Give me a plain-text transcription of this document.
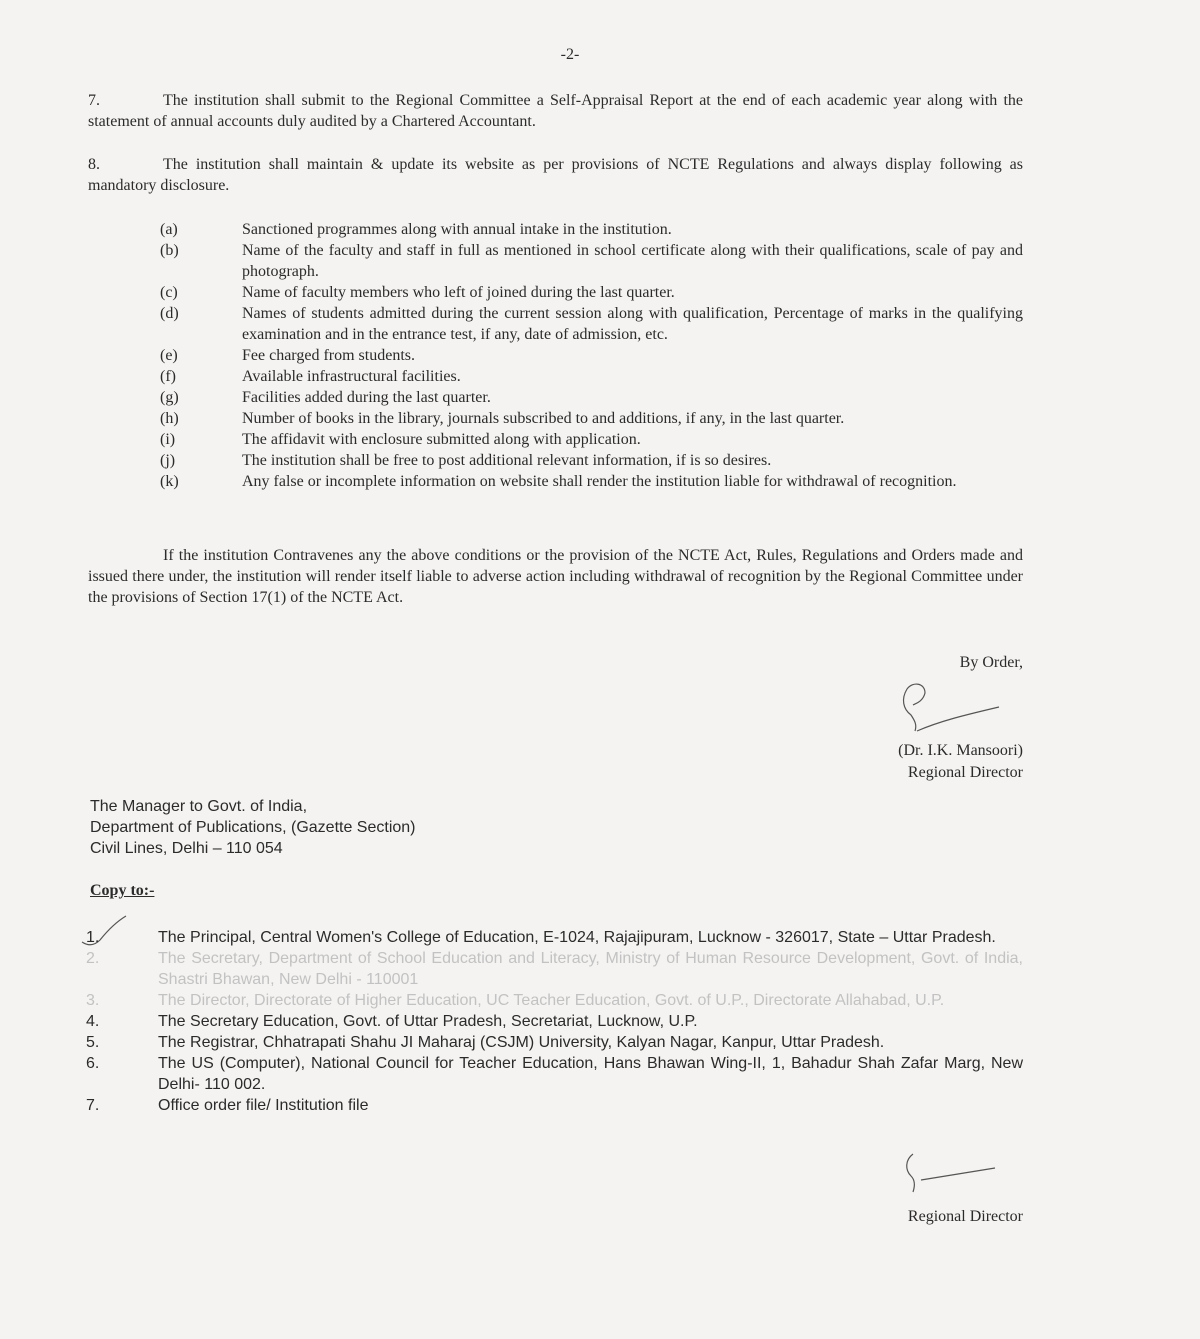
-2-
7.	The institution shall submit to the Regional Committee a Self-Appraisal Report at the end of each academic year along with the statement of annual accounts duly audited by a Chartered Accountant.
8.	The institution shall maintain & update its website as per provisions of NCTE Regulations and always display following as mandatory disclosure.
(a)	Sanctioned programmes along with annual intake in the institution.
(b)	Name of the faculty and staff in full as mentioned in school certificate along with their qualifications, scale of pay and photograph.
(c)	Name of faculty members who left of joined during the last quarter.
(d)	Names of students admitted during the current session along with qualification, Percentage of marks in the qualifying examination and in the entrance test, if any, date of admission, etc.
(e)	Fee charged from students.
(f)	Available infrastructural facilities.
(g)	Facilities added during the last quarter.
(h)	Number of books in the library, journals subscribed to and additions, if any, in the last quarter.
(i)	The affidavit with enclosure submitted along with application.
(j)	The institution shall be free to post additional relevant information, if is so desires.
(k)	Any false or incomplete information on website shall render the institution liable for withdrawal of recognition.
If the institution Contravenes any the above conditions or the provision of the NCTE Act, Rules, Regulations and Orders made and issued there under, the institution will render itself liable to adverse action including withdrawal of recognition by the Regional Committee under the provisions of Section 17(1) of the NCTE Act.
By Order,
(Dr. I.K. Mansoori)
Regional Director
The Manager to Govt. of India,
Department of Publications, (Gazette Section)
Civil Lines, Delhi – 110 054
Copy to:-
1.	The Principal, Central Women's College of Education, E-1024, Rajajipuram, Lucknow - 326017, State – Uttar Pradesh.
2.	The Secretary, Department of School Education and Literacy, Ministry of Human Resource Development, Govt. of India, Shastri Bhawan, New Delhi - 110001
3.	The Director, Directorate of Higher Education, UC Teacher Education, Govt. of U.P., Directorate Allahabad, U.P.
4.	The Secretary Education, Govt. of Uttar Pradesh, Secretariat, Lucknow, U.P.
5.	The Registrar, Chhatrapati Shahu JI Maharaj (CSJM) University, Kalyan Nagar, Kanpur, Uttar Pradesh.
6.	The US (Computer), National Council for Teacher Education, Hans Bhawan Wing-II, 1, Bahadur Shah Zafar Marg, New Delhi- 110 002.
7.	Office order file/ Institution file
Regional Director
